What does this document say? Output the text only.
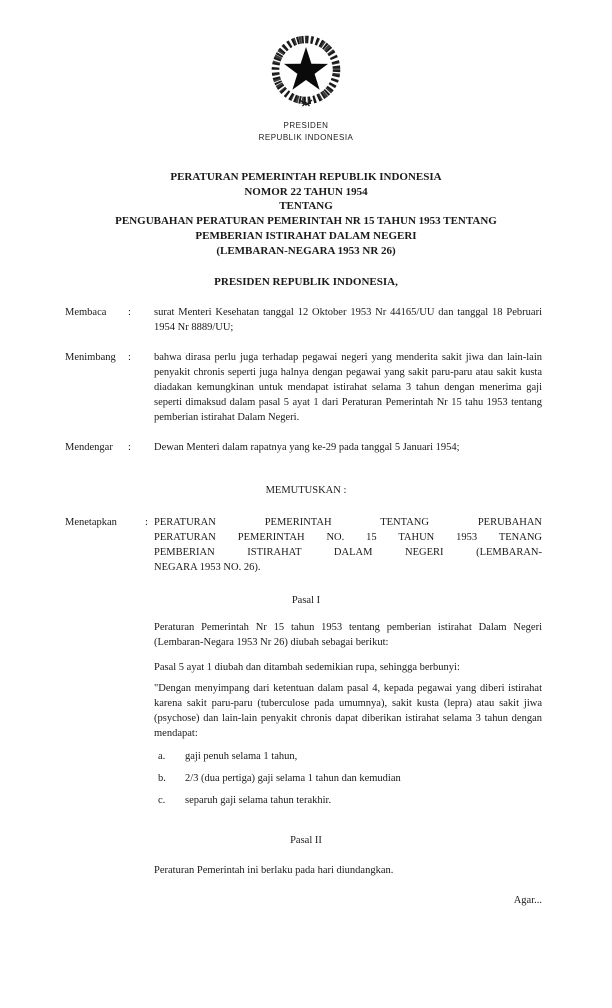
PRESIDEN
REPUBLIK INDONESIA
PERATURAN PEMERINTAH REPUBLIK INDONESIA
NOMOR 22 TAHUN 1954
TENTANG
PENGUBAHAN PERATURAN PEMERINTAH NR 15 TAHUN 1953 TENTANG
PEMBERIAN ISTIRAHAT DALAM NEGERI
(LEMBARAN-NEGARA 1953 NR 26)
PRESIDEN REPUBLIK INDONESIA,
Membaca	:	surat Menteri Kesehatan tanggal 12 Oktober 1953 Nr 44165/UU dan tanggal 18 Pebruari 1954 Nr 8889/UU;
Menimbang	:	bahwa dirasa perlu juga terhadap pegawai negeri yang menderita sakit jiwa dan lain-lain penyakit chronis seperti juga halnya dengan pegawai yang sakit paru-paru atau sakit kusta diadakan kemungkinan untuk mendapat istirahat selama 3 tahun dengan menerima gaji seperti dimaksud dalam pasal 5 ayat 1 dari Peraturan Pemerintah Nr 15 tahu 1953 tentang pemberian istirahat Dalam Negeri.
Mendengar	:	Dewan Menteri dalam rapatnya yang ke-29 pada tanggal 5 Januari 1954;
MEMUTUSKAN :
Menetapkan	: PERATURAN PEMERINTAH TENTANG PERUBAHAN
PERATURAN PEMERINTAH NO. 15 TAHUN 1953 TENANG
PEMBERIAN ISTIRAHAT DALAM NEGERI (LEMBARAN-
NEGARA 1953 NO. 26).
Pasal I
Peraturan Pemerintah Nr 15 tahun 1953 tentang pemberian istirahat Dalam Negeri (Lembaran-Negara 1953 Nr 26) diubah sebagai berikut:
Pasal 5 ayat 1 diubah dan ditambah sedemikian rupa, sehingga berbunyi:
"Dengan menyimpang dari ketentuan dalam pasal 4, kepada pegawai yang diberi istirahat karena sakit paru-paru (tuberculose pada umumnya), sakit kusta (lepra) atau sakit jiwa (psychose) dan lain-lain penyakit chronis dapat diberikan istirahat selama 3 tahun dengan mendapat:
a.	gaji penuh selama 1 tahun,
b.	2/3 (dua pertiga) gaji selama 1 tahun dan kemudian
c.	separuh gaji selama tahun terakhir.
Pasal II
Peraturan Pemerintah ini berlaku pada hari diundangkan.
Agar...
